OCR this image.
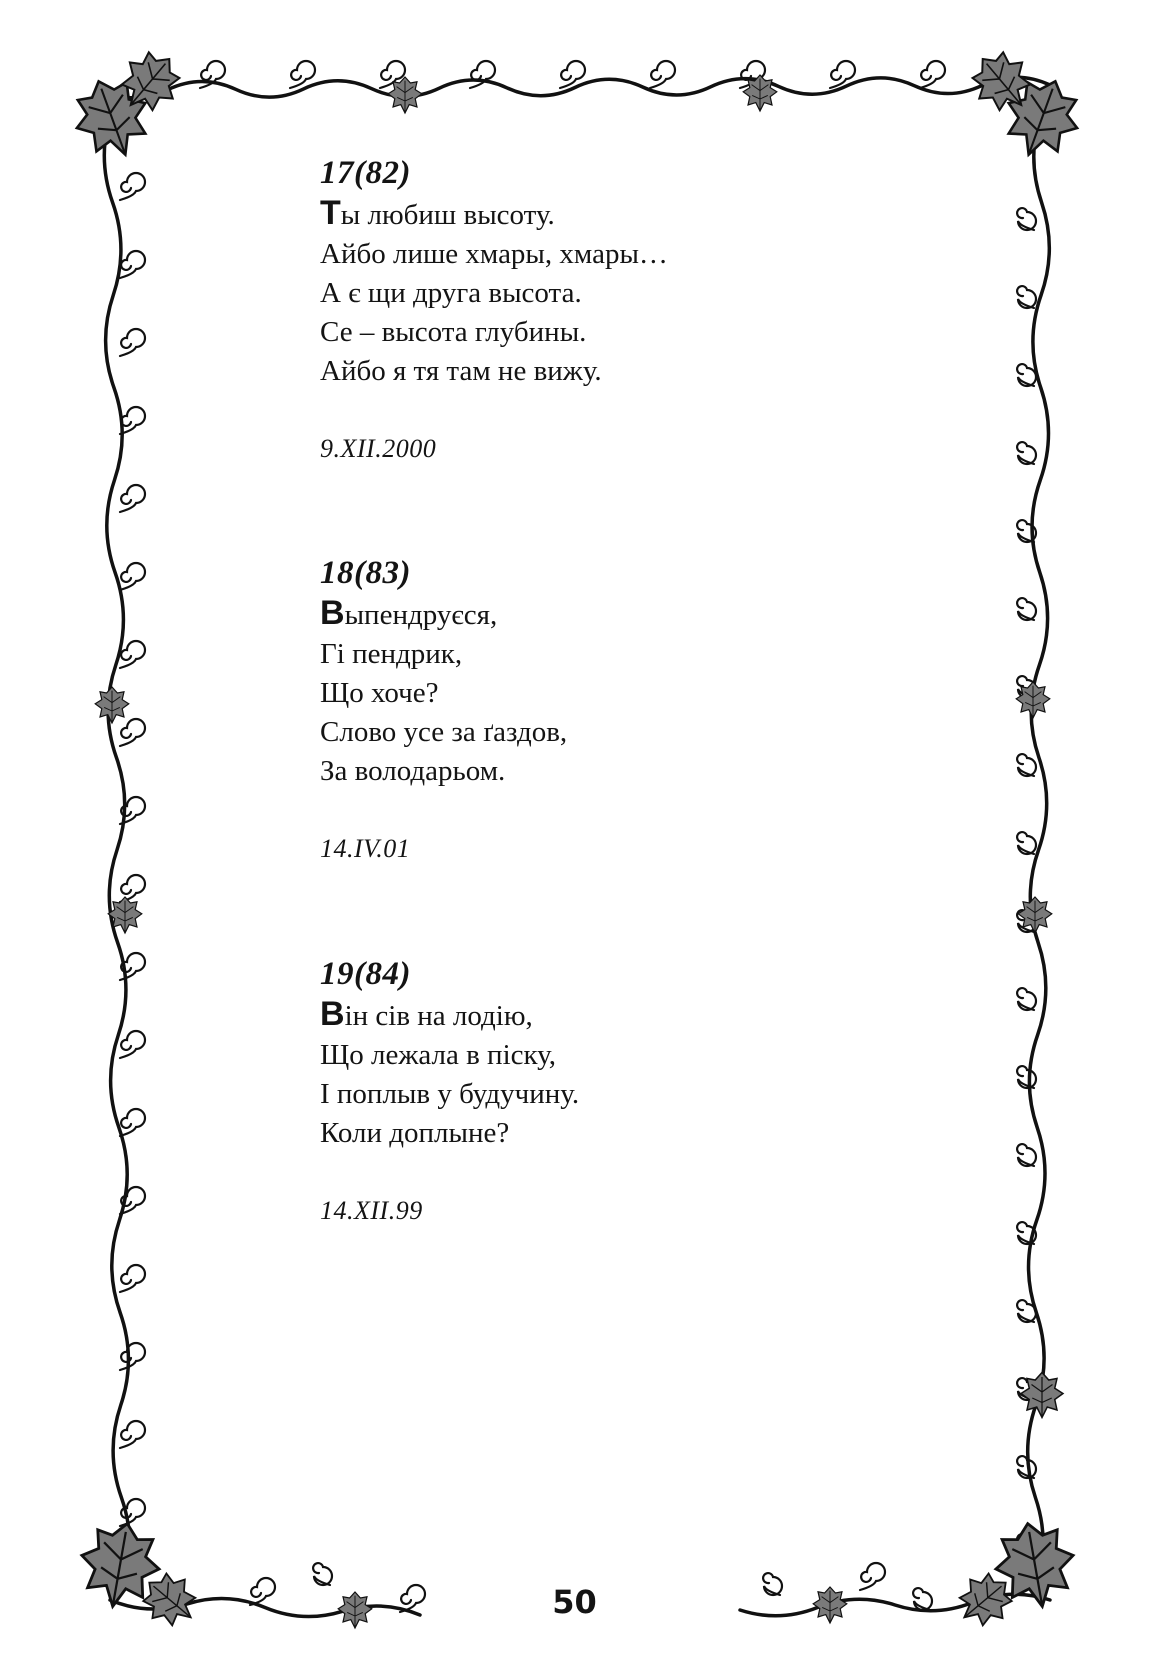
17(82)
Ты любиш высоту.
Айбо лише хмары, хмары…
А є щи друга высота.
Се – высота глубины.
Айбо я тя там не вижу.
9.XII.2000
18(83)
Выпендруєся,
Гі пендрик,
Що хоче?
Слово усе за ґаздов,
За володарьом.
14.IV.01
19(84)
Він сів на лодію,
Що лежала в піску,
І поплыв у будучину.
Коли доплыне?
14.XII.99
50
